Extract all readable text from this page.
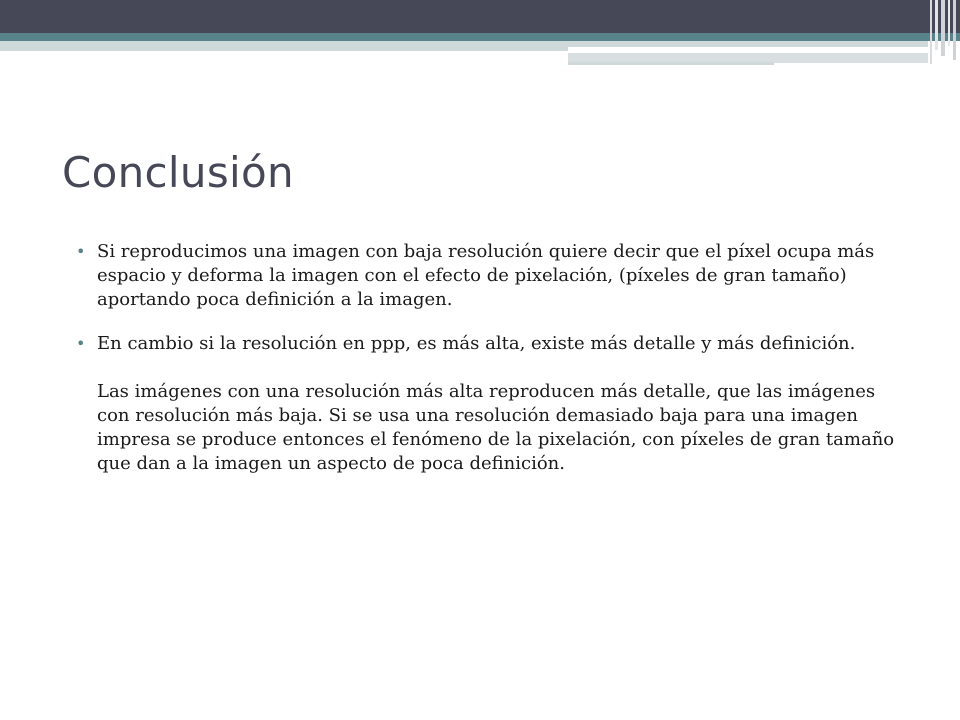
Conclusión
• Si reproducimos una imagen con baja resolución quiere decir que el píxel ocupa más espacio y deforma la imagen con el efecto de pixelación, (píxeles de gran tamaño) aportando poca definición a la imagen.

• En cambio si la resolución en ppp, es más alta, existe más detalle y más definición.

Las imágenes con una resolución más alta reproducen más detalle, que las imágenes con resolución más baja. Si se usa una resolución demasiado baja para una imagen impresa se produce entonces el fenómeno de la pixelación, con píxeles de gran tamaño que dan a la imagen un aspecto de poca definición.
